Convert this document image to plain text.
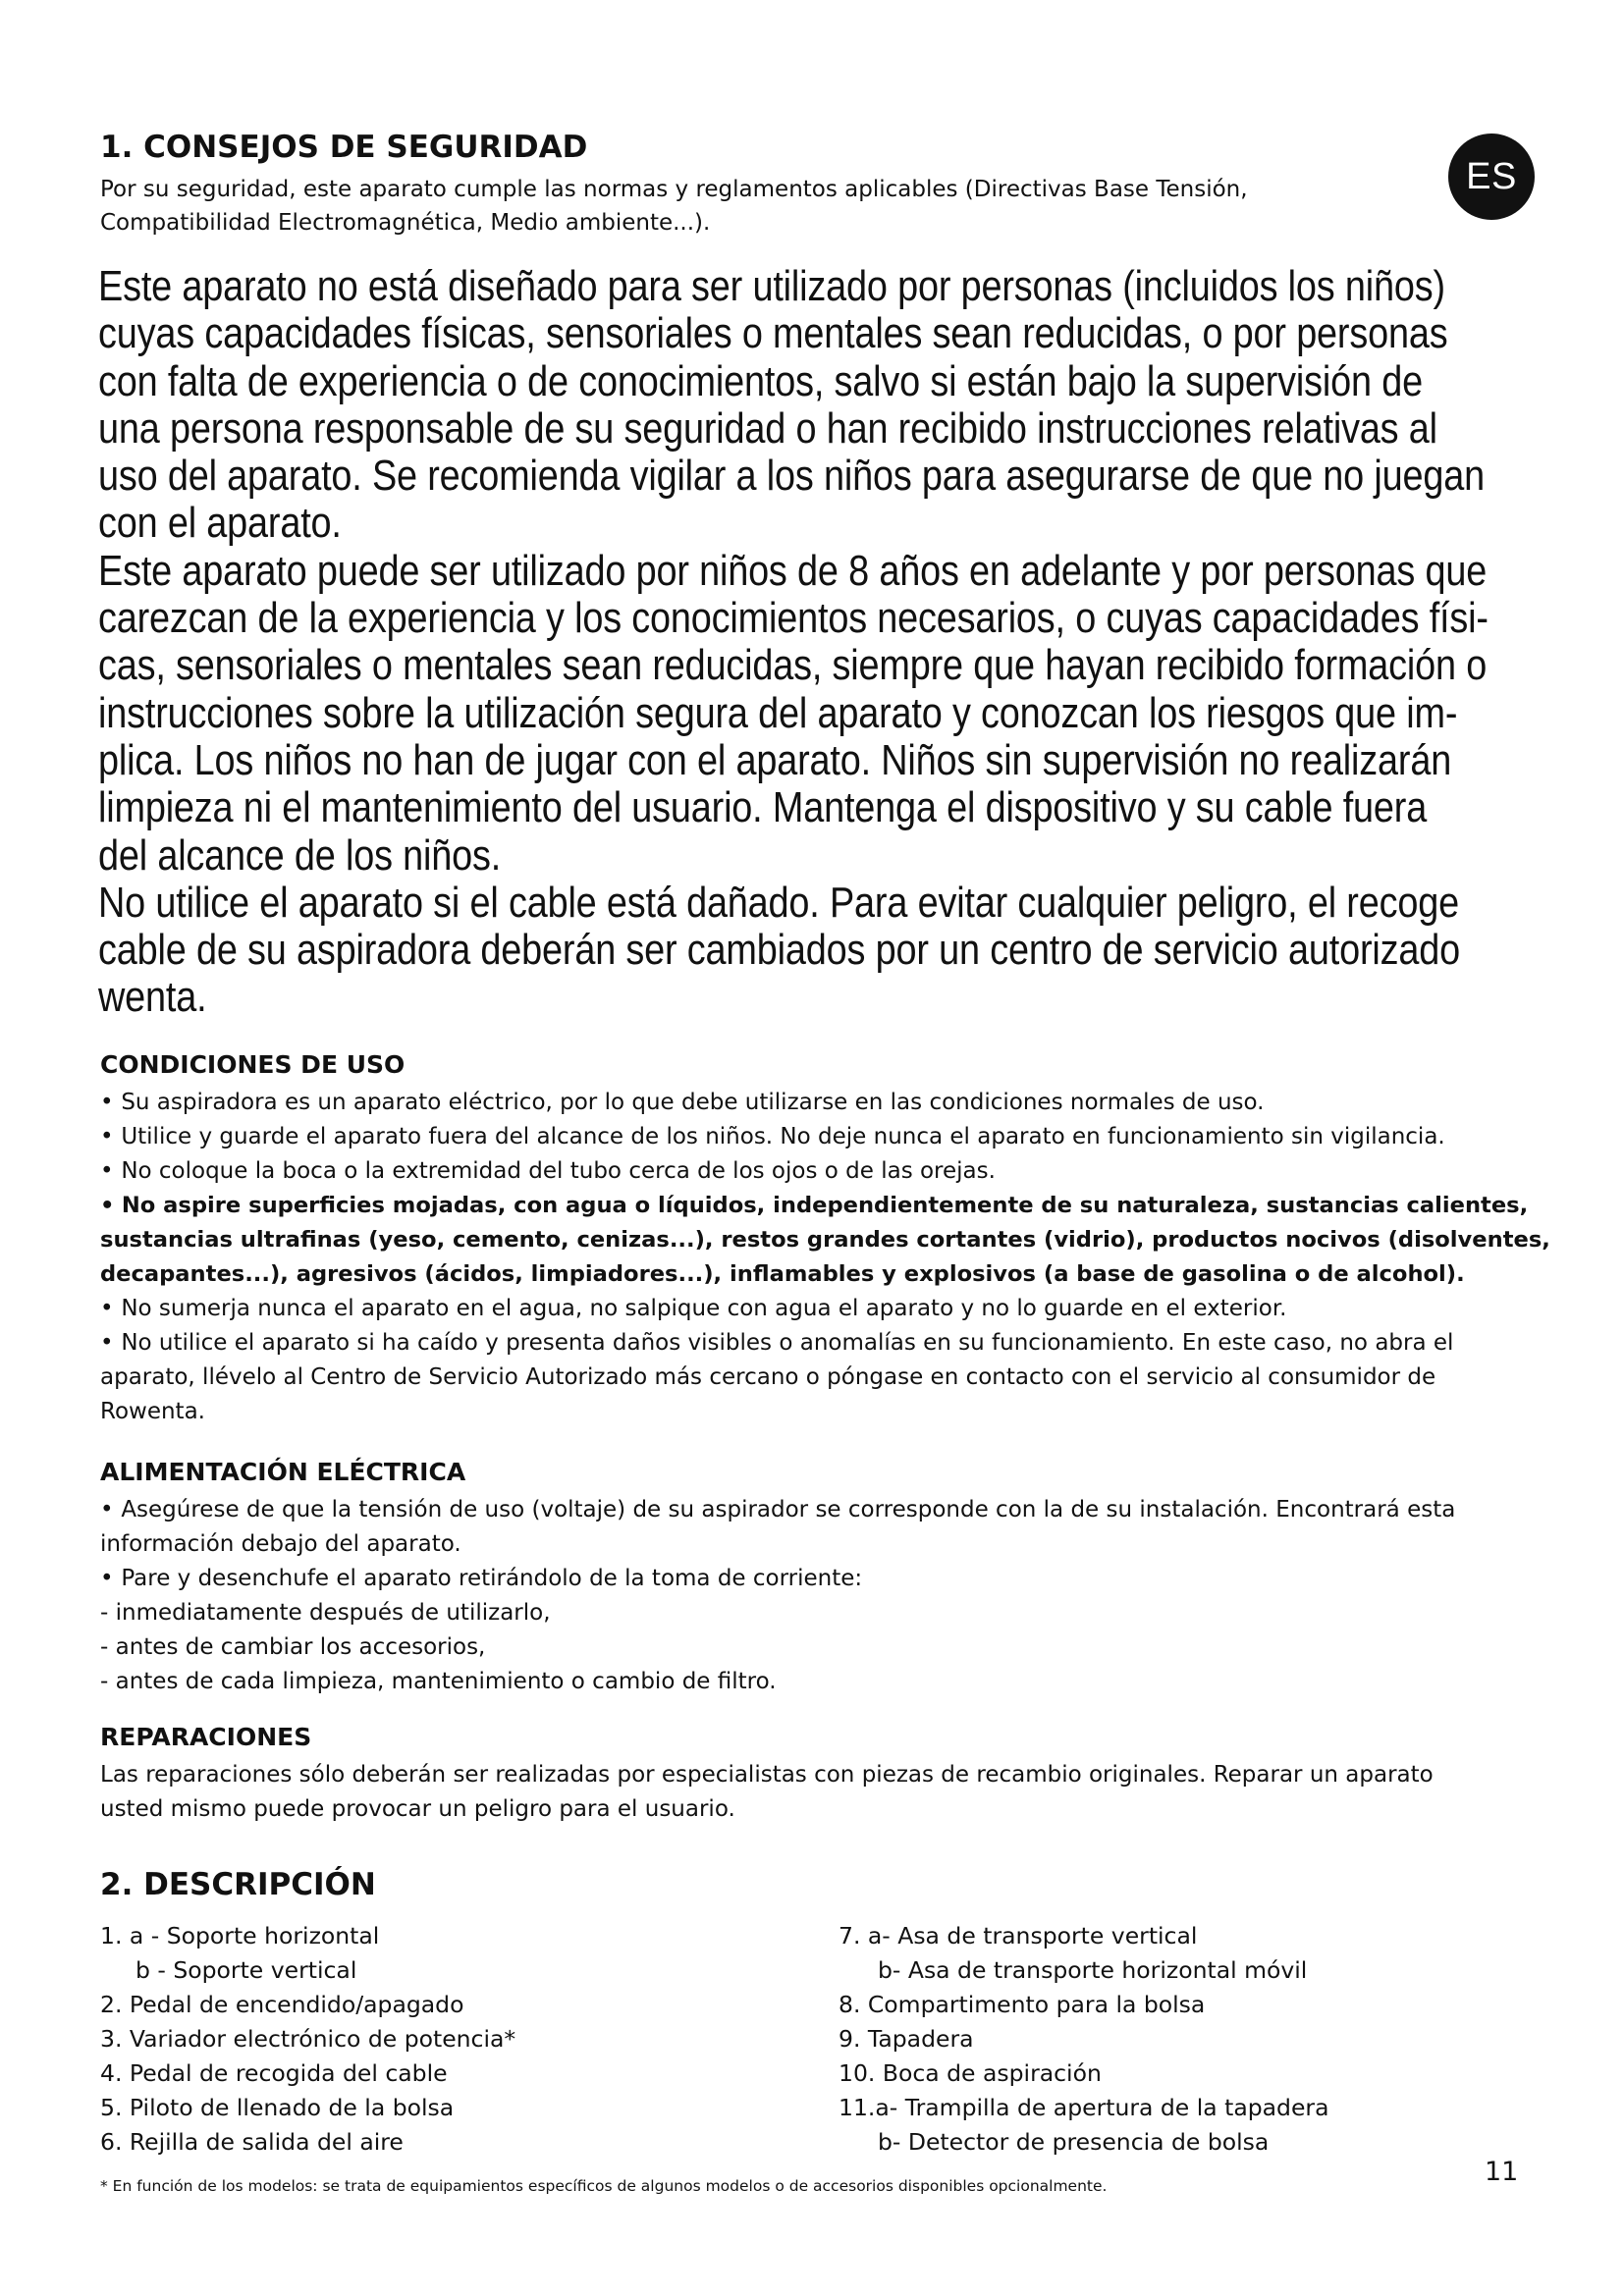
ES
1. CONSEJOS DE SEGURIDAD
Por su seguridad, este aparato cumple las normas y reglamentos aplicables (Directivas Base Tensión,
Compatibilidad Electromagnética, Medio ambiente...).
Este aparato no está diseñado para ser utilizado por personas (incluidos los niños)
cuyas capacidades físicas, sensoriales o mentales sean reducidas, o por personas
con falta de experiencia o de conocimientos, salvo si están bajo la supervisión de
una persona responsable de su seguridad o han recibido instrucciones relativas al
uso del aparato. Se recomienda vigilar a los niños para asegurarse de que no juegan
con el aparato.
Este aparato puede ser utilizado por niños de 8 años en adelante y por personas que
carezcan de la experiencia y los conocimientos necesarios, o cuyas capacidades físi-
cas, sensoriales o mentales sean reducidas, siempre que hayan recibido formación o
instrucciones sobre la utilización segura del aparato y conozcan los riesgos que im-
plica. Los niños no han de jugar con el aparato. Niños sin supervisión no realizarán
limpieza ni el mantenimiento del usuario. Mantenga el dispositivo y su cable fuera
del alcance de los niños.
No utilice el aparato si el cable está dañado. Para evitar cualquier peligro, el recoge
cable de su aspiradora deberán ser cambiados por un centro de servicio autorizado
wenta.
CONDICIONES DE USO
• Su aspiradora es un aparato eléctrico, por lo que debe utilizarse en las condiciones normales de uso.
• Utilice y guarde el aparato fuera del alcance de los niños. No deje nunca el aparato en funcionamiento sin vigilancia.
• No coloque la boca o la extremidad del tubo cerca de los ojos o de las orejas.
• No aspire superficies mojadas, con agua o líquidos, independientemente de su naturaleza, sustancias calientes,
sustancias ultrafinas (yeso, cemento, cenizas...), restos grandes cortantes (vidrio), productos nocivos (disolventes,
decapantes...), agresivos (ácidos, limpiadores...), inflamables y explosivos (a base de gasolina o de alcohol).
• No sumerja nunca el aparato en el agua, no salpique con agua el aparato y no lo guarde en el exterior.
• No utilice el aparato si ha caído y presenta daños visibles o anomalías en su funcionamiento. En este caso, no abra el
aparato, llévelo al Centro de Servicio Autorizado más cercano o póngase en contacto con el servicio al consumidor de
Rowenta.
ALIMENTACIÓN ELÉCTRICA
• Asegúrese de que la tensión de uso (voltaje) de su aspirador se corresponde con la de su instalación. Encontrará esta
información debajo del aparato.
• Pare y desenchufe el aparato retirándolo de la toma de corriente:
- inmediatamente después de utilizarlo,
- antes de cambiar los accesorios,
- antes de cada limpieza, mantenimiento o cambio de filtro.
REPARACIONES
Las reparaciones sólo deberán ser realizadas por especialistas con piezas de recambio originales. Reparar un aparato
usted mismo puede provocar un peligro para el usuario.
2. DESCRIPCIÓN
1. a - Soporte horizontal
b - Soporte vertical
2. Pedal de encendido/apagado
3. Variador electrónico de potencia*
4. Pedal de recogida del cable
5. Piloto de llenado de la bolsa
6. Rejilla de salida del aire
7. a- Asa de transporte vertical
b- Asa de transporte horizontal móvil
8. Compartimento para la bolsa
9. Tapadera
10. Boca de aspiración
11.a- Trampilla de apertura de la tapadera
b- Detector de presencia de bolsa
* En función de los modelos: se trata de equipamientos específicos de algunos modelos o de accesorios disponibles opcionalmente.	11
